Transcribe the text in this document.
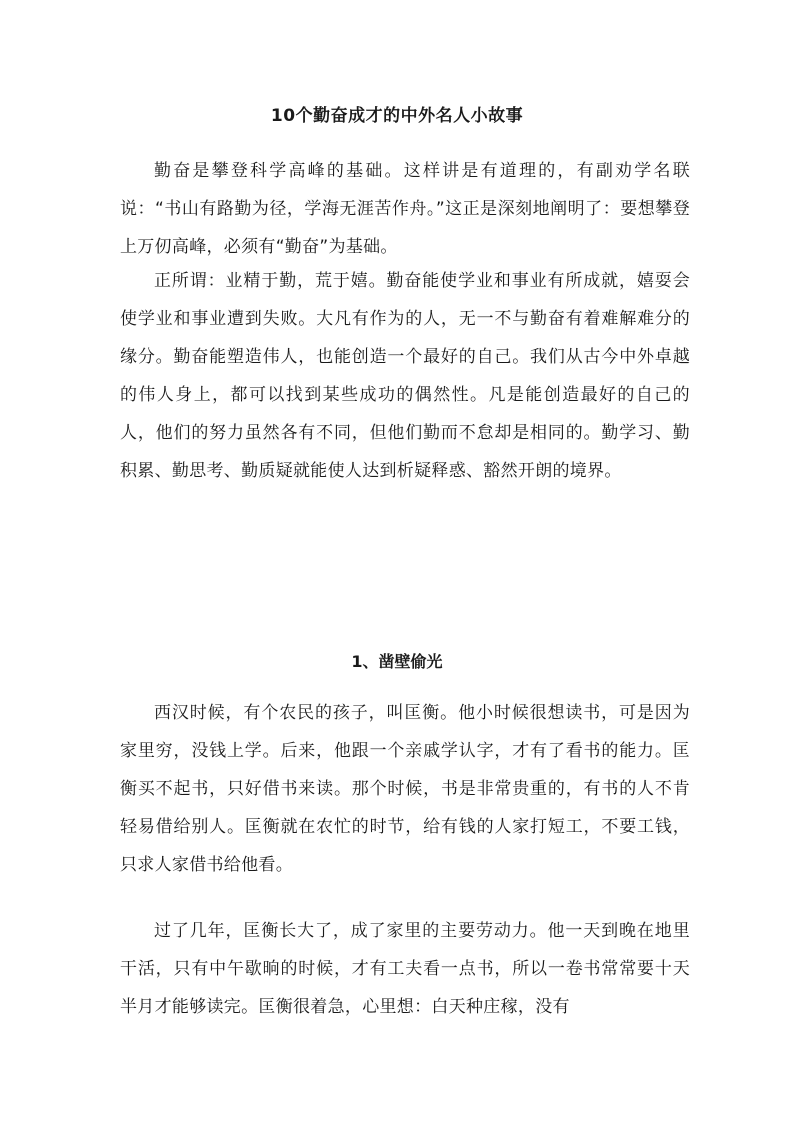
10个勤奋成才的中外名人小故事

勤奋是攀登科学高峰的基础。这样讲是有道理的，有副劝学名联说：“书山有路勤为径，学海无涯苦作舟。”这正是深刻地阐明了：要想攀登上万仞高峰，必须有“勤奋”为基础。

正所谓：业精于勤，荒于嬉。勤奋能使学业和事业有所成就，嬉耍会使学业和事业遭到失败。大凡有作为的人，无一不与勤奋有着难解难分的缘分。勤奋能塑造伟人，也能创造一个最好的自己。我们从古今中外卓越的伟人身上，都可以找到某些成功的偶然性。凡是能创造最好的自己的人，他们的努力虽然各有不同，但他们勤而不怠却是相同的。勤学习、勤积累、勤思考、勤质疑就能使人达到析疑释惑、豁然开朗的境界。

1、凿壁偷光

西汉时候，有个农民的孩子，叫匡衡。他小时候很想读书，可是因为家里穷，没钱上学。后来，他跟一个亲戚学认字，才有了看书的能力。匡衡买不起书，只好借书来读。那个时候，书是非常贵重的，有书的人不肯轻易借给别人。匡衡就在农忙的时节，给有钱的人家打短工，不要工钱，只求人家借书给他看。

过了几年，匡衡长大了，成了家里的主要劳动力。他一天到晚在地里干活，只有中午歇晌的时候，才有工夫看一点书，所以一卷书常常要十天半月才能够读完。匡衡很着急，心里想：白天种庄稼，没有
